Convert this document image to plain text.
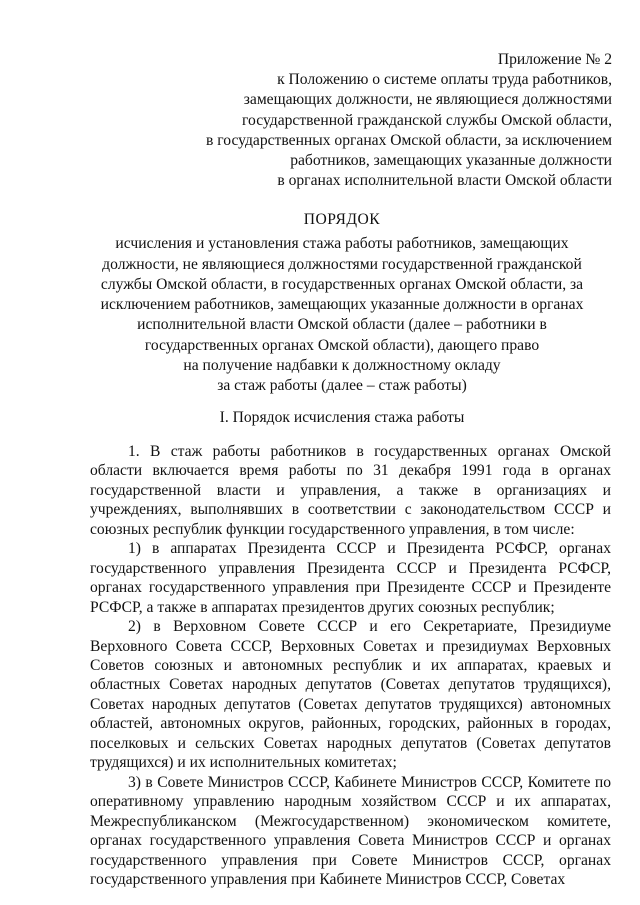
Приложение № 2
к Положению о системе оплаты труда работников,
замещающих должности, не являющиеся должностями
государственной гражданской службы Омской области,
в государственных органах Омской области, за исключением
работников, замещающих указанные должности
в органах исполнительной власти Омской области
ПОРЯДОК
исчисления и установления стажа работы работников, замещающих
должности, не являющиеся должностями государственной гражданской
службы Омской области, в государственных органах Омской области, за
исключением работников, замещающих указанные должности в органах
исполнительной власти Омской области (далее – работники в
государственных органах Омской области), дающего право
на получение надбавки к должностному окладу
за стаж работы (далее – стаж работы)
I. Порядок исчисления стажа работы

1. В стаж работы работников в государственных органах Омской области включается время работы по 31 декабря 1991 года в органах государственной власти и управления, а также в организациях и учреждениях, выполнявших в соответствии с законодательством СССР и союзных республик функции государственного управления, в том числе:

1) в аппаратах Президента СССР и Президента РСФСР, органах государственного управления Президента СССР и Президента РСФСР, органах государственного управления при Президенте СССР и Президенте РСФСР, а также в аппаратах президентов других союзных республик;

2) в Верховном Совете СССР и его Секретариате, Президиуме Верховного Совета СССР, Верховных Советах и президиумах Верховных Советов союзных и автономных республик и их аппаратах, краевых и областных Советах народных депутатов (Советах депутатов трудящихся), Советах народных депутатов (Советах депутатов трудящихся) автономных областей, автономных округов, районных, городских, районных в городах, поселковых и сельских Советах народных депутатов (Советах депутатов трудящихся) и их исполнительных комитетах;

3) в Совете Министров СССР, Кабинете Министров СССР, Комитете по оперативному управлению народным хозяйством СССР и их аппаратах, Межреспубликанском (Межгосударственном) экономическом комитете, органах государственного управления Совета Министров СССР и органах государственного управления при Совете Министров СССР, органах государственного управления при Кабинете Министров СССР, Советах
